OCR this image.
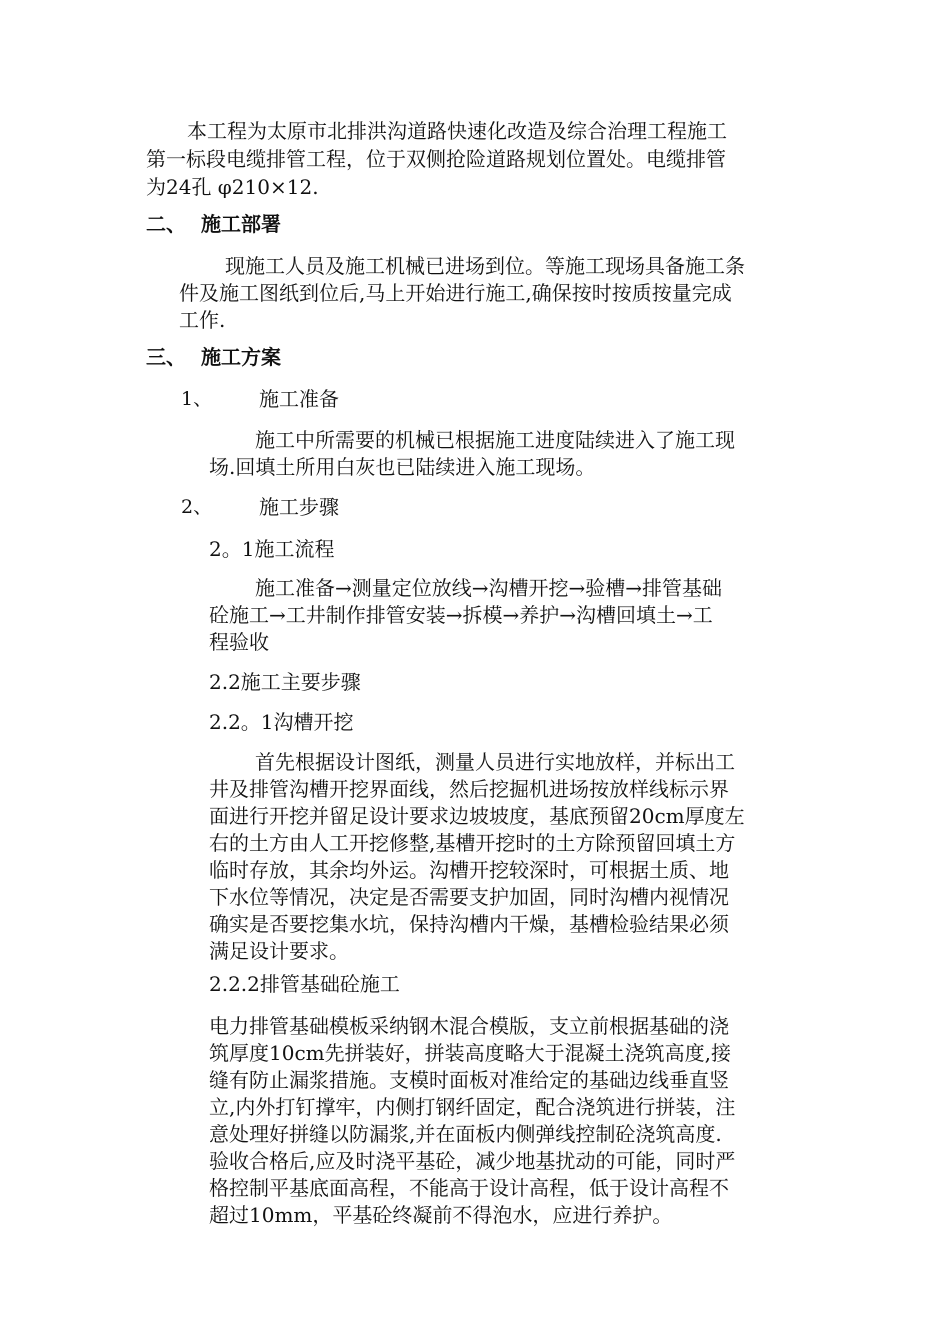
本工程为太原市北排洪沟道路快速化改造及综合治理工程施工
第一标段电缆排管工程，位于双侧抢险道路规划位置处。电缆排管
为24孔 φ210×12.
二、 施工部署
现施工人员及施工机械已进场到位。等施工现场具备施工条
件及施工图纸到位后,马上开始进行施工,确保按时按质按量完成
工作.
三、 施工方案
1、 施工准备
施工中所需要的机械已根据施工进度陆续进入了施工现
场.回填土所用白灰也已陆续进入施工现场。
2、 施工步骤
2。1施工流程
施工准备→测量定位放线→沟槽开挖→验槽→排管基础
砼施工→工井制作排管安装→拆模→养护→沟槽回填土→工
程验收
2.2施工主要步骤
2.2。1沟槽开挖
首先根据设计图纸，测量人员进行实地放样，并标出工
井及排管沟槽开挖界面线，然后挖掘机进场按放样线标示界
面进行开挖并留足设计要求边坡坡度，基底预留20cm厚度左
右的土方由人工开挖修整,基槽开挖时的土方除预留回填土方
临时存放，其余均外运。沟槽开挖较深时，可根据土质、地
下水位等情况，决定是否需要支护加固，同时沟槽内视情况
确实是否要挖集水坑，保持沟槽内干燥，基槽检验结果必须
满足设计要求。
2.2.2排管基础砼施工
电力排管基础模板采纳钢木混合模版，支立前根据基础的浇
筑厚度10cm先拼装好，拼装高度略大于混凝土浇筑高度,接
缝有防止漏浆措施。支模时面板对准给定的基础边线垂直竖
立,内外打钉撑牢，内侧打钢纤固定，配合浇筑进行拼装，注
意处理好拼缝以防漏浆,并在面板内侧弹线控制砼浇筑高度.
验收合格后,应及时浇平基砼，减少地基扰动的可能，同时严
格控制平基底面高程，不能高于设计高程，低于设计高程不
超过10mm，平基砼终凝前不得泡水，应进行养护。
